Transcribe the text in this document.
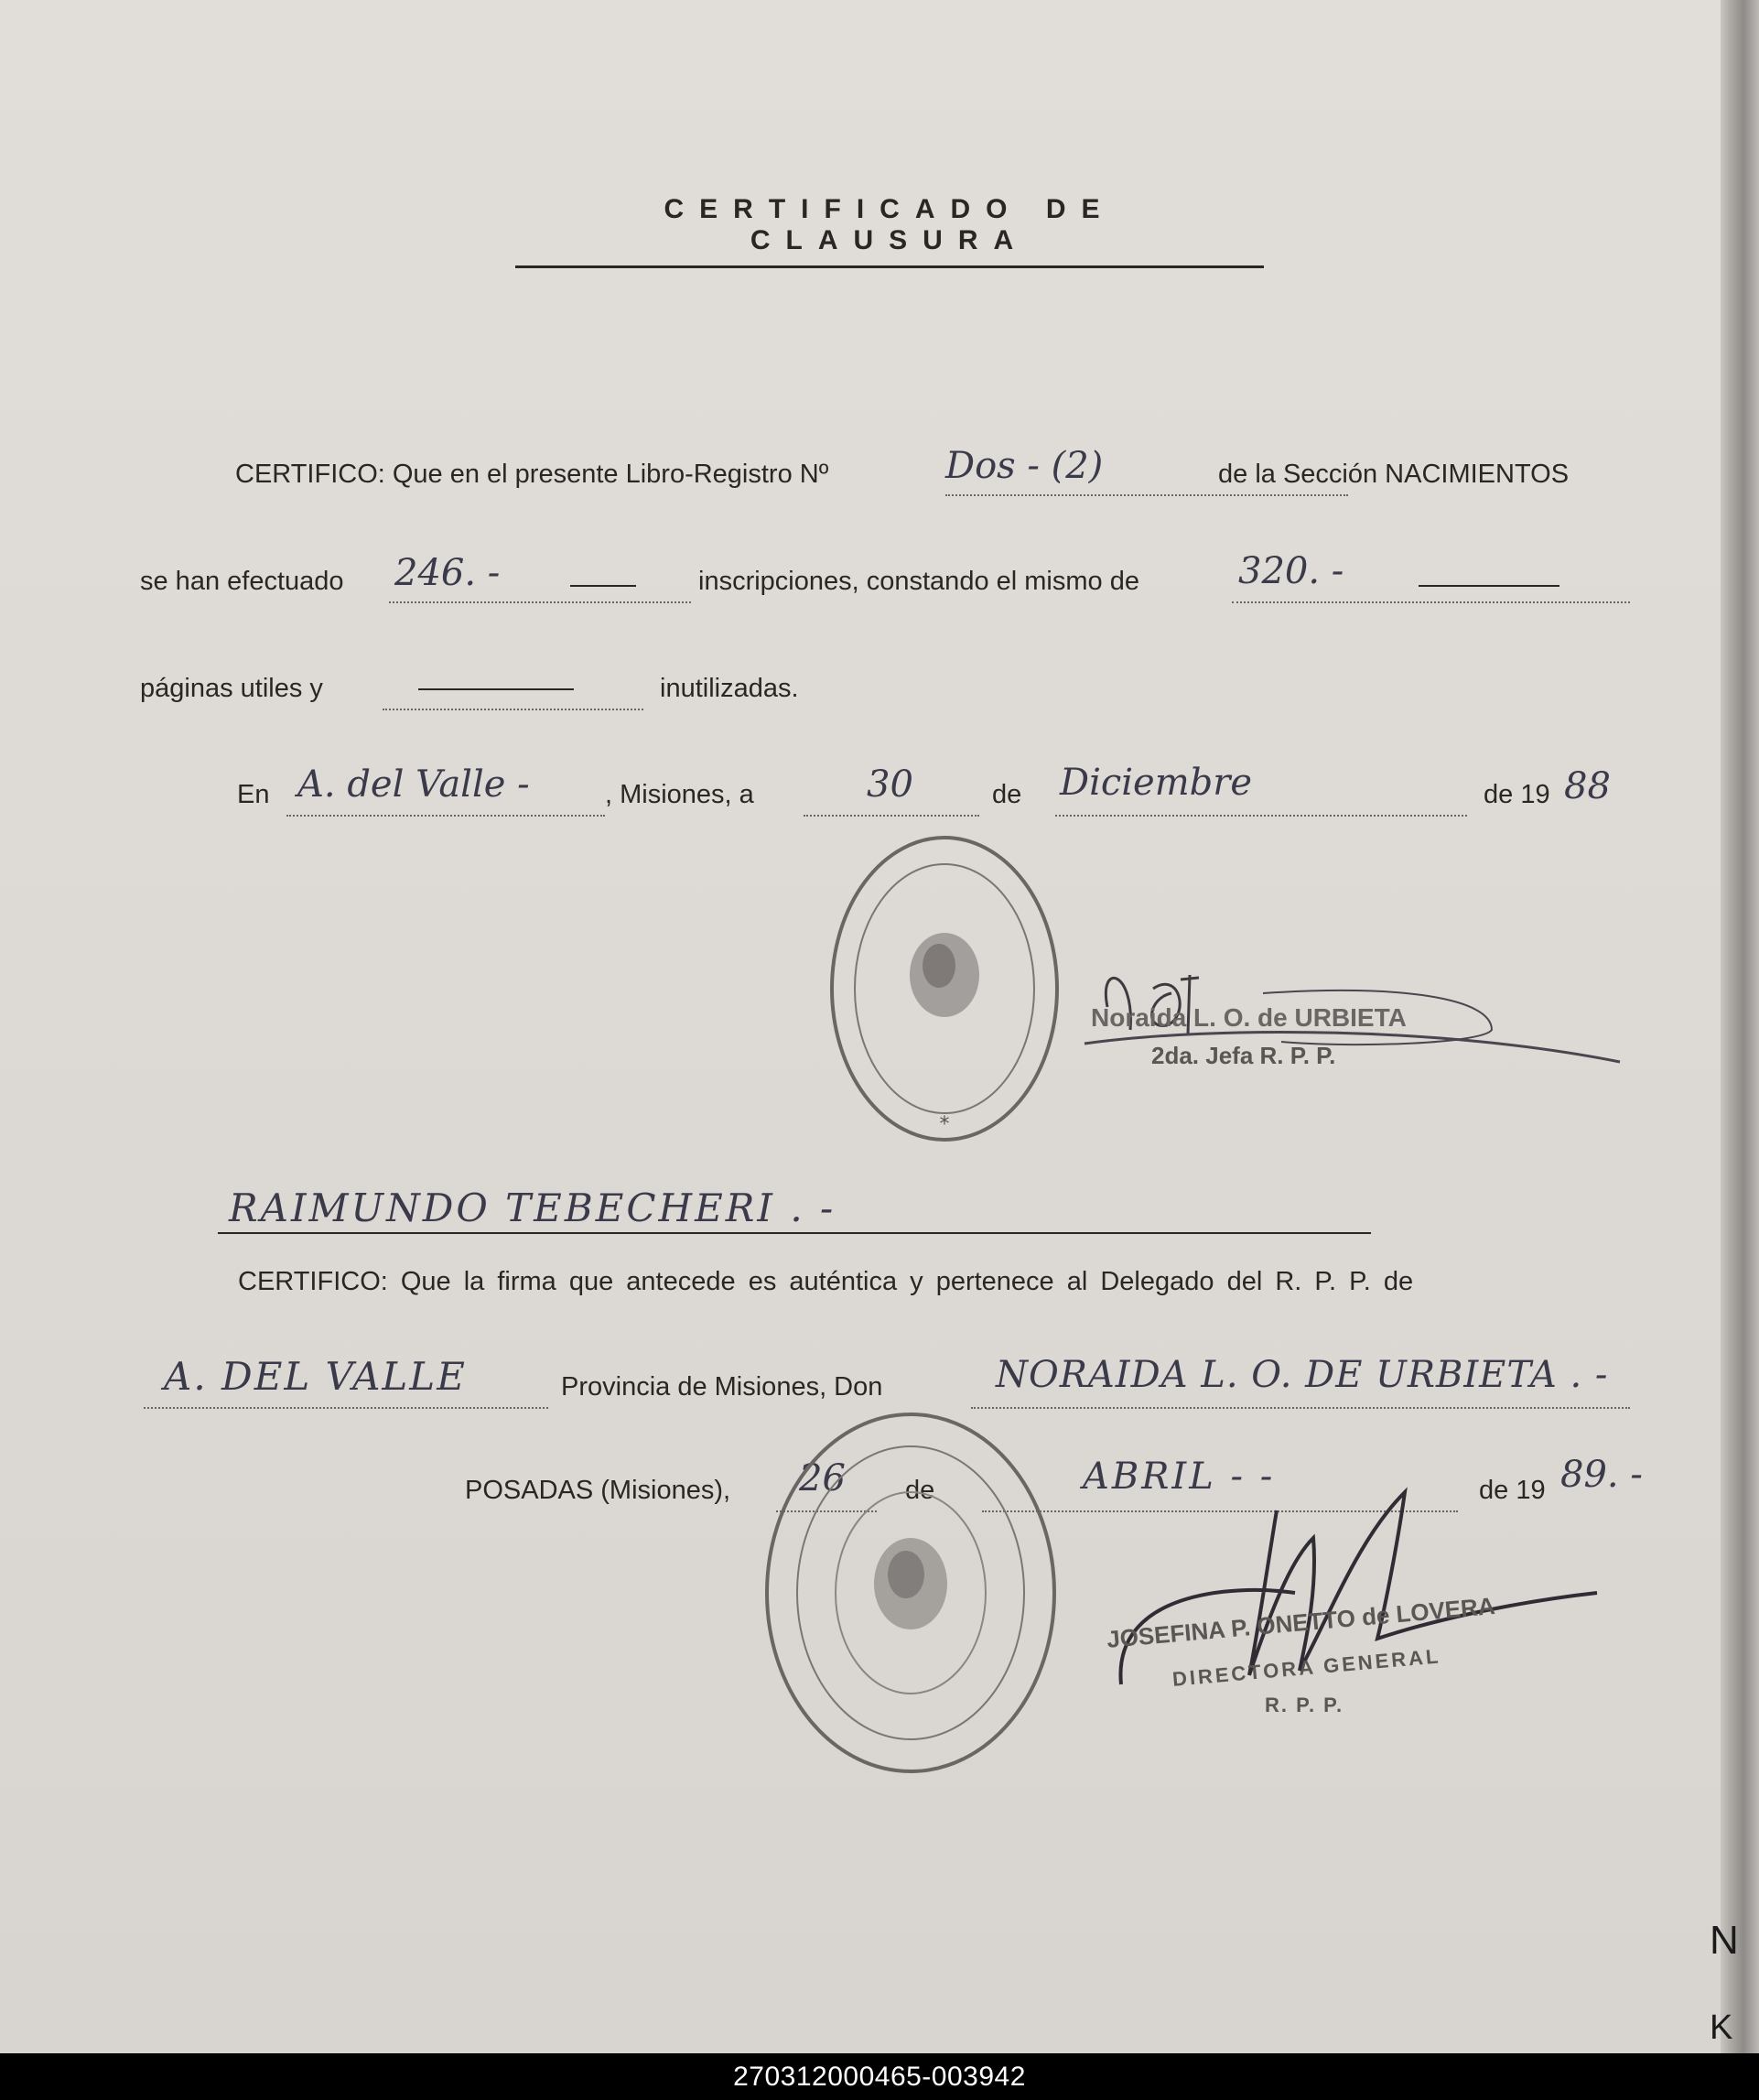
CERTIFICADO DE CLAUSURA
CERTIFICO: Que en el presente Libro-Registro Nº	Dos - (2)	de la Sección NACIMIENTOS
se han efectuado 246. -	inscripciones, constando el mismo de	320. -
páginas utiles y	inutilizadas.
En A. del Valle -	, Misiones, a	30	de Diciembre	de 19 88
*
Noraida L. O. de URBIETA
2da. Jefa R. P. P.
RAIMUNDO TEBECHERI . -
CERTIFICO: Que la firma que antecede es auténtica y pertenece al Delegado del R. P. P. de
A. DEL VALLE	Provincia de Misiones, Don	NORAIDA L. O. DE URBIETA . -
POSADAS (Misiones), 26 de	ABRIL - -	de 19 89. -
JOSEFINA P. ONETTO de LOVERA
DIRECTORA GENERAL
R. P. P.
N
K
270312000465-003942
